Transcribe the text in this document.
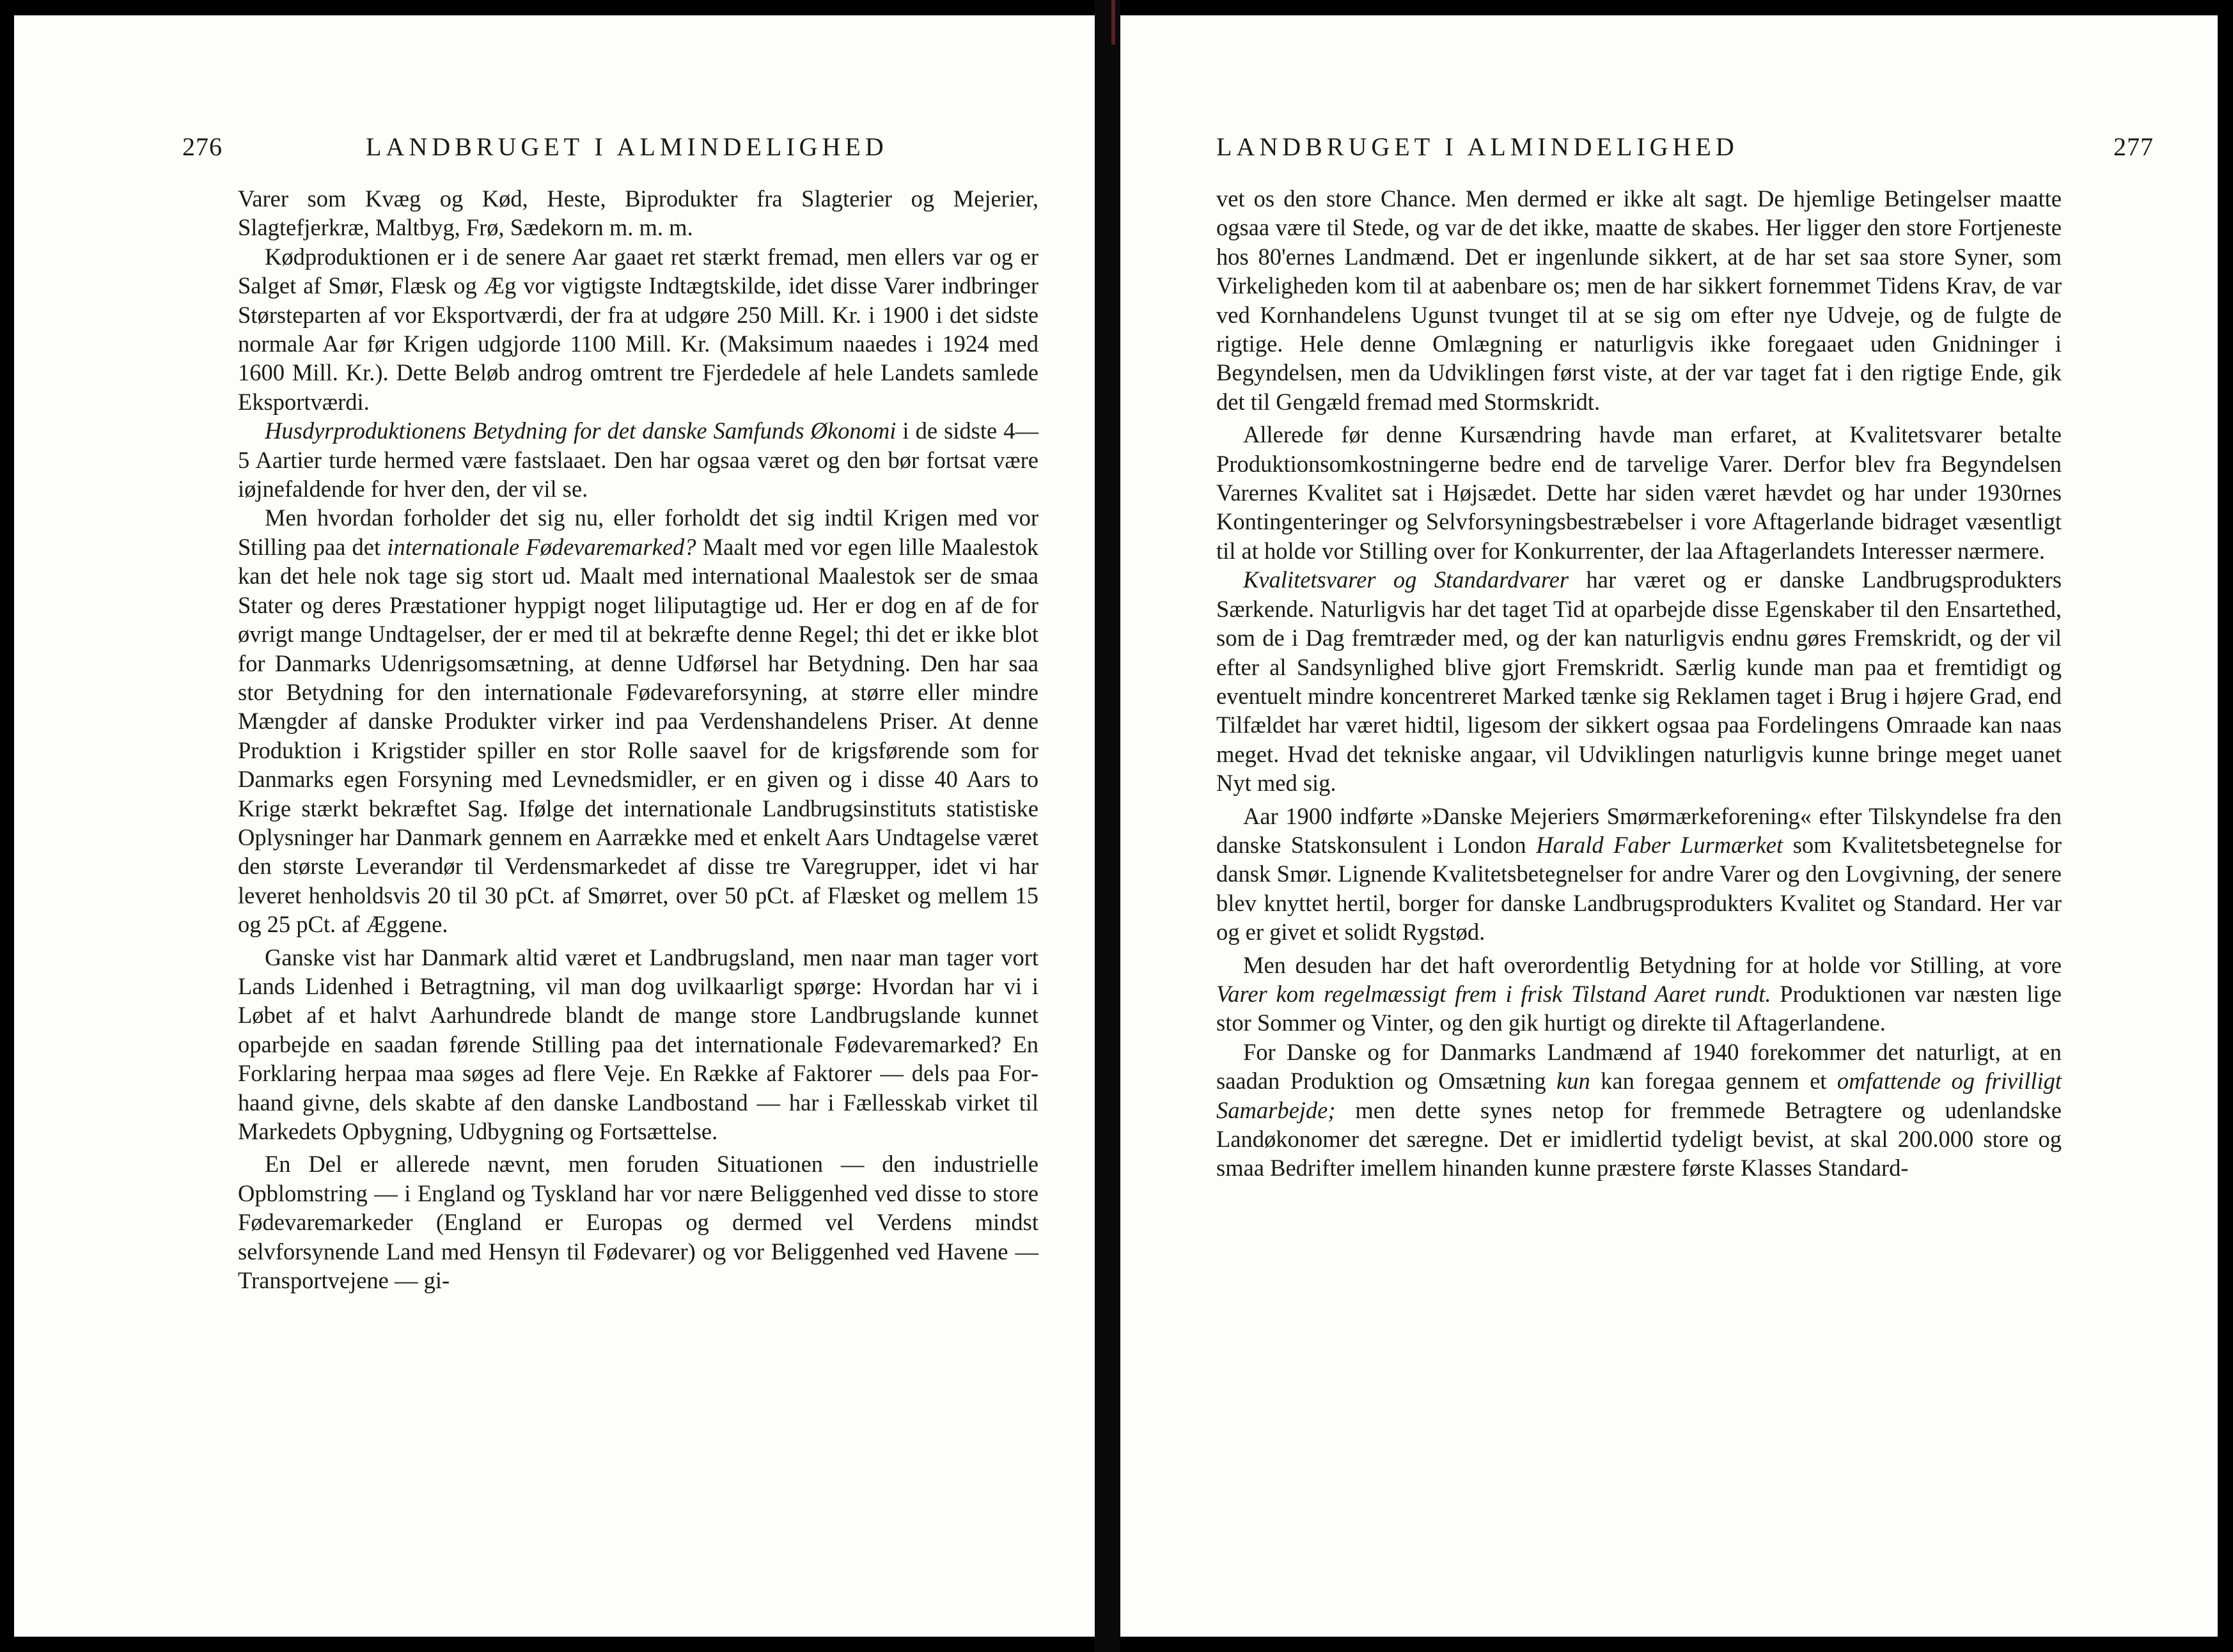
276	LANDBRUGET I ALMINDELIGHED

Varer som Kvæg og Kød, Heste, Biprodukter fra Slagterier og Mejerier, Slagtefjerkræ, Maltbyg, Frø, Sædekorn m. m. m.

Kødproduktionen er i de senere Aar gaaet ret stærkt fremad, men ellers var og er Salget af Smør, Flæsk og Æg vor vigtigste Indtægtskilde, idet disse Varer indbringer Størsteparten af vor Eksportværdi, der fra at udgøre 250 Mill. Kr. i 1900 i det sidste normale Aar før Krigen udgjorde 1100 Mill. Kr. (Maksimum naaedes i 1924 med 1600 Mill. Kr.). Dette Beløb androg omtrent tre Fjerdedele af hele Landets samlede Eksportværdi.

Husdyrproduktionens Betydning for det danske Samfunds Økonomi i de sidste 4—5 Aartier turde hermed være fastslaaet. Den har ogsaa været og den bør fortsat være iøjnefaldende for hver den, der vil se.

Men hvordan forholder det sig nu, eller forholdt det sig indtil Krigen med vor Stilling paa det internationale Fødevaremarked? Maalt med vor egen lille Maalestok kan det hele nok tage sig stort ud. Maalt med international Maalestok ser de smaa Stater og deres Præstationer hyppigt noget liliputagtige ud. Her er dog en af de for øvrigt mange Undtagelser, der er med til at bekræfte denne Regel; thi det er ikke blot for Danmarks Udenrigsomsætning, at denne Udførsel har Betydning. Den har saa stor Betydning for den internationale Fødevareforsyning, at større eller mindre Mængder af danske Produkter virker ind paa Verdenshandelens Priser. At denne Produktion i Krigstider spiller en stor Rolle saavel for de krigsførende som for Danmarks egen Forsyning med Levnedsmidler, er en given og i disse 40 Aars to Krige stærkt bekræftet Sag. Ifølge det internationale Landbrugsinstituts statistiske Oplysninger har Danmark gennem en Aarrække med et enkelt Aars Undtagelse været den største Leverandør til Verdensmarkedet af disse tre Varegrupper, idet vi har leveret henholdsvis 20 til 30 pCt. af Smørret, over 50 pCt. af Flæsket og mellem 15 og 25 pCt. af Æggene.

Ganske vist har Danmark altid været et Landbrugsland, men naar man tager vort Lands Lidenhed i Betragtning, vil man dog uvilkaarligt spørge: Hvordan har vi i Løbet af et halvt Aarhundrede blandt de mange store Landbrugslande kunnet oparbejde en saadan førende Stilling paa det internationale Fødevaremarked? En Forklaring herpaa maa søges ad flere Veje. En Række af Faktorer — dels paa Forhaand givne, dels skabte af den danske Landbostand — har i Fællesskab virket til Markedets Opbygning, Udbygning og Fortsættelse.

En Del er allerede nævnt, men foruden Situationen — den industrielle Opblomstring — i England og Tyskland har vor nære Beliggenhed ved disse to store Fødevaremarkeder (England er Europas og dermed vel Verdens mindst selvforsynende Land med Hensyn til Fødevarer) og vor Beliggenhed ved Havene — Transportvejene — gi-

LANDBRUGET I ALMINDELIGHED	277

vet os den store Chance. Men dermed er ikke alt sagt. De hjemlige Betingelser maatte ogsaa være til Stede, og var de det ikke, maatte de skabes. Her ligger den store Fortjeneste hos 80'ernes Landmænd. Det er ingenlunde sikkert, at de har set saa store Syner, som Virkeligheden kom til at aabenbare os; men de har sikkert fornemmet Tidens Krav, de var ved Kornhandelens Ugunst tvunget til at se sig om efter nye Udveje, og de fulgte de rigtige. Hele denne Omlægning er naturligvis ikke foregaaet uden Gnidninger i Begyndelsen, men da Udviklingen først viste, at der var taget fat i den rigtige Ende, gik det til Gengæld fremad med Stormskridt.

Allerede før denne Kursændring havde man erfaret, at Kvalitetsvarer betalte Produktionsomkostningerne bedre end de tarvelige Varer. Derfor blev fra Begyndelsen Varernes Kvalitet sat i Højsædet. Dette har siden været hævdet og har under 1930rnes Kontingenteringer og Selvforsyningsbestræbelser i vore Aftagerlande bidraget væsentligt til at holde vor Stilling over for Konkurrenter, der laa Aftagerlandets Interesser nærmere.

Kvalitetsvarer og Standardvarer har været og er danske Landbrugsprodukters Særkende. Naturligvis har det taget Tid at oparbejde disse Egenskaber til den Ensartethed, som de i Dag fremtræder med, og der kan naturligvis endnu gøres Fremskridt, og der vil efter al Sandsynlighed blive gjort Fremskridt. Særlig kunde man paa et fremtidigt og eventuelt mindre koncentreret Marked tænke sig Reklamen taget i Brug i højere Grad, end Tilfældet har været hidtil, ligesom der sikkert ogsaa paa Fordelingens Omraade kan naas meget. Hvad det tekniske angaar, vil Udviklingen naturligvis kunne bringe meget uanet Nyt med sig.

Aar 1900 indførte »Danske Mejeriers Smørmærkeforening« efter Tilskyndelse fra den danske Statskonsulent i London Harald Faber Lurmærket som Kvalitetsbetegnelse for dansk Smør. Lignende Kvalitetsbetegnelser for andre Varer og den Lovgivning, der senere blev knyttet hertil, borger for danske Landbrugsprodukters Kvalitet og Standard. Her var og er givet et solidt Rygstød.

Men desuden har det haft overordentlig Betydning for at holde vor Stilling, at vore Varer kom regelmæssigt frem i frisk Tilstand Aaret rundt. Produktionen var næsten lige stor Sommer og Vinter, og den gik hurtigt og direkte til Aftagerlandene.

For Danske og for Danmarks Landmænd af 1940 forekommer det naturligt, at en saadan Produktion og Omsætning kun kan foregaa gennem et omfattende og frivilligt Samarbejde; men dette synes netop for fremmede Betragtere og udenlandske Landøkonomer det særegne. Det er imidlertid tydeligt bevist, at skal 200.000 store og smaa Bedrifter imellem hinanden kunne præstere første Klasses Standard-
